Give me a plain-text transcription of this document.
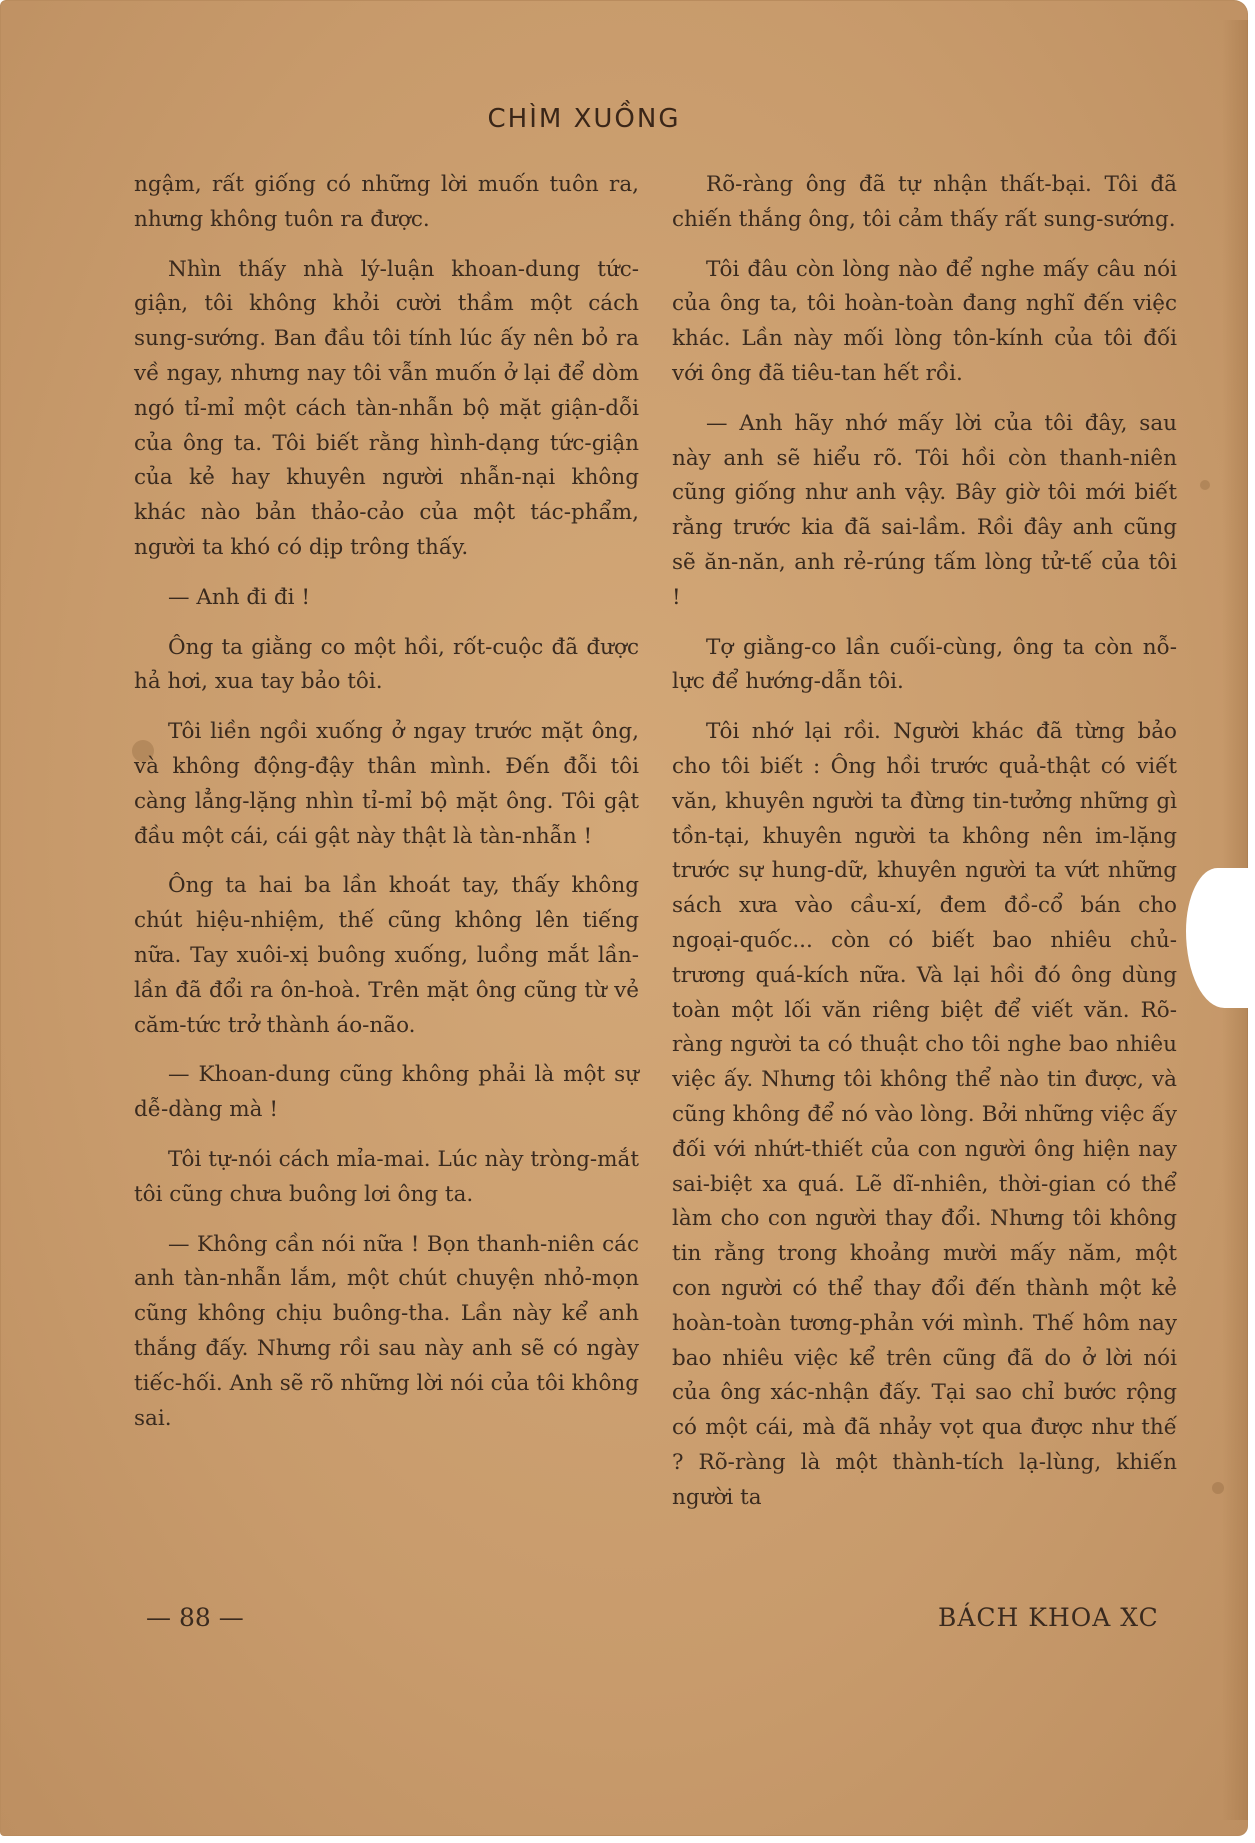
CHÌM XUỒNG

ngậm, rất giống có những lời muốn tuôn ra, nhưng không tuôn ra được.

Nhìn thấy nhà lý-luận khoan-dung tức-giận, tôi không khỏi cười thầm một cách sung-sướng. Ban đầu tôi tính lúc ấy nên bỏ ra về ngay, nhưng nay tôi vẫn muốn ở lại để dòm ngó tỉ-mỉ một cách tàn-nhẫn bộ mặt giận-dỗi của ông ta. Tôi biết rằng hình-dạng tức-giận của kẻ hay khuyên người nhẫn-nại không khác nào bản thảo-cảo của một tác-phẩm, người ta khó có dịp trông thấy.

— Anh đi đi !

Ông ta giằng co một hồi, rốt-cuộc đã được hả hơi, xua tay bảo tôi.

Tôi liền ngồi xuống ở ngay trước mặt ông, và không động-đậy thân mình. Đến đỗi tôi càng lẳng-lặng nhìn tỉ-mỉ bộ mặt ông. Tôi gật đầu một cái, cái gật này thật là tàn-nhẫn !

Ông ta hai ba lần khoát tay, thấy không chút hiệu-nhiệm, thế cũng không lên tiếng nữa. Tay xuôi-xị buông xuống, luồng mắt lần-lần đã đổi ra ôn-hoà. Trên mặt ông cũng từ vẻ căm-tức trở thành áo-não.

— Khoan-dung cũng không phải là một sự dễ-dàng mà !

Tôi tự-nói cách mỉa-mai. Lúc này tròng-mắt tôi cũng chưa buông lơi ông ta.

— Không cần nói nữa ! Bọn thanh-niên các anh tàn-nhẫn lắm, một chút chuyện nhỏ-mọn cũng không chịu buông-tha. Lần này kể anh thắng đấy. Nhưng rồi sau này anh sẽ có ngày tiếc-hối. Anh sẽ rõ những lời nói của tôi không sai.

Rõ-ràng ông đã tự nhận thất-bại. Tôi đã chiến thắng ông, tôi cảm thấy rất sung-sướng.

Tôi đâu còn lòng nào để nghe mấy câu nói của ông ta, tôi hoàn-toàn đang nghĩ đến việc khác. Lần này mối lòng tôn-kính của tôi đối với ông đã tiêu-tan hết rồi.

— Anh hãy nhớ mấy lời của tôi đây, sau này anh sẽ hiểu rõ. Tôi hồi còn thanh-niên cũng giống như anh vậy. Bây giờ tôi mới biết rằng trước kia đã sai-lầm. Rồi đây anh cũng sẽ ăn-năn, anh rẻ-rúng tấm lòng tử-tế của tôi !

Tợ giằng-co lần cuối-cùng, ông ta còn nỗ-lực để hướng-dẫn tôi.

Tôi nhớ lại rồi. Người khác đã từng bảo cho tôi biết : Ông hồi trước quả-thật có viết văn, khuyên người ta đừng tin-tưởng những gì tồn-tại, khuyên người ta không nên im-lặng trước sự hung-dữ, khuyên người ta vứt những sách xưa vào cầu-xí, đem đồ-cổ bán cho ngoại-quốc... còn có biết bao nhiêu chủ-trương quá-kích nữa. Và lại hồi đó ông dùng toàn một lối văn riêng biệt để viết văn. Rõ-ràng người ta có thuật cho tôi nghe bao nhiêu việc ấy. Nhưng tôi không thể nào tin được, và cũng không để nó vào lòng. Bởi những việc ấy đối với nhứt-thiết của con người ông hiện nay sai-biệt xa quá. Lẽ dĩ-nhiên, thời-gian có thể làm cho con người thay đổi. Nhưng tôi không tin rằng trong khoảng mười mấy năm, một con người có thể thay đổi đến thành một kẻ hoàn-toàn tương-phản với mình. Thế hôm nay bao nhiêu việc kể trên cũng đã do ở lời nói của ông xác-nhận đấy. Tại sao chỉ bước rộng có một cái, mà đã nhảy vọt qua được như thế ? Rõ-ràng là một thành-tích lạ-lùng, khiến người ta

— 88 —	BÁCH KHOA XC
